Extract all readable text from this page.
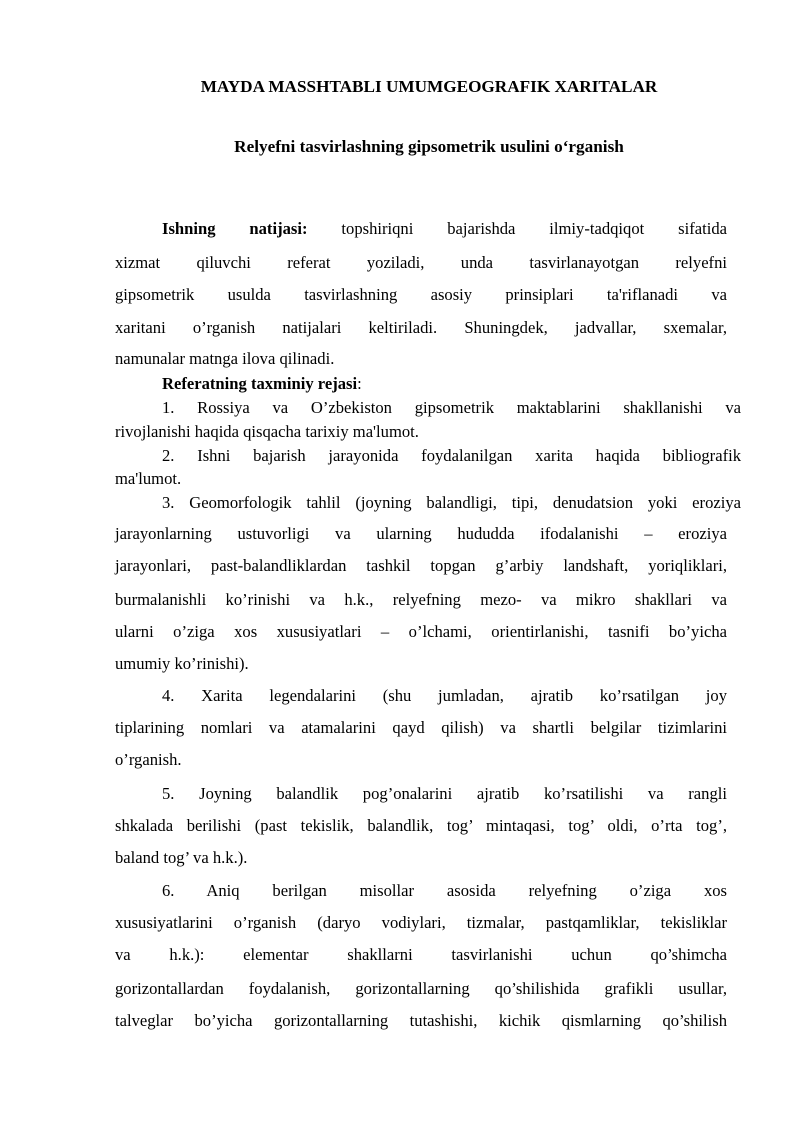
MAYDA MASSHTABLI UMUMGEOGRAFIK XARITALAR
Relyefni tasvirlashning gipsometrik usulini o‘rganish
Ishning natijasi: topshiriqni bajarishda ilmiy-tadqiqot sifatida
xizmat qiluvchi referat yoziladi, unda tasvirlanayotgan relyefni
gipsometrik usulda tasvirlashning asosiy prinsiplari ta'riflanadi va
xaritani o’rganish natijalari keltiriladi. Shuningdek, jadvallar, sxemalar,
namunalar matnga ilova qilinadi.
Referatning taxminiy rejasi:
1. Rossiya va O’zbekiston gipsometrik maktablarini shakllanishi va
rivojlanishi haqida qisqacha tarixiy ma'lumot.
2. Ishni bajarish jarayonida foydalanilgan xarita haqida bibliografik
ma'lumot.
3. Geomorfologik tahlil (joyning balandligi, tipi, denudatsion yoki eroziya
jarayonlarning ustuvorligi va ularning hududda ifodalanishi – eroziya
jarayonlari, past-balandliklardan tashkil topgan g’arbiy landshaft, yoriqliklari,
burmalanishli ko’rinishi va h.k., relyefning mezo- va mikro shakllari va
ularni o’ziga xos xususiyatlari – o’lchami, orientirlanishi, tasnifi bo’yicha
umumiy ko’rinishi).
4. Xarita legendalarini (shu jumladan, ajratib ko’rsatilgan joy
tiplarining nomlari va atamalarini qayd qilish) va shartli belgilar tizimlarini
o’rganish.
5. Joyning balandlik pog’onalarini ajratib ko’rsatilishi va rangli
shkalada berilishi (past tekislik, balandlik, tog’ mintaqasi, tog’ oldi, o’rta tog’,
baland tog’ va h.k.).
6. Aniq berilgan misollar asosida relyefning o’ziga xos
xususiyatlarini o’rganish (daryo vodiylari, tizmalar, pastqamliklar, tekisliklar
va h.k.): elementar shakllarni tasvirlanishi uchun qo’shimcha
gorizontallardan foydalanish, gorizontallarning qo’shilishida grafikli usullar,
talveglar bo’yicha gorizontallarning tutashishi, kichik qismlarning qo’shilish
